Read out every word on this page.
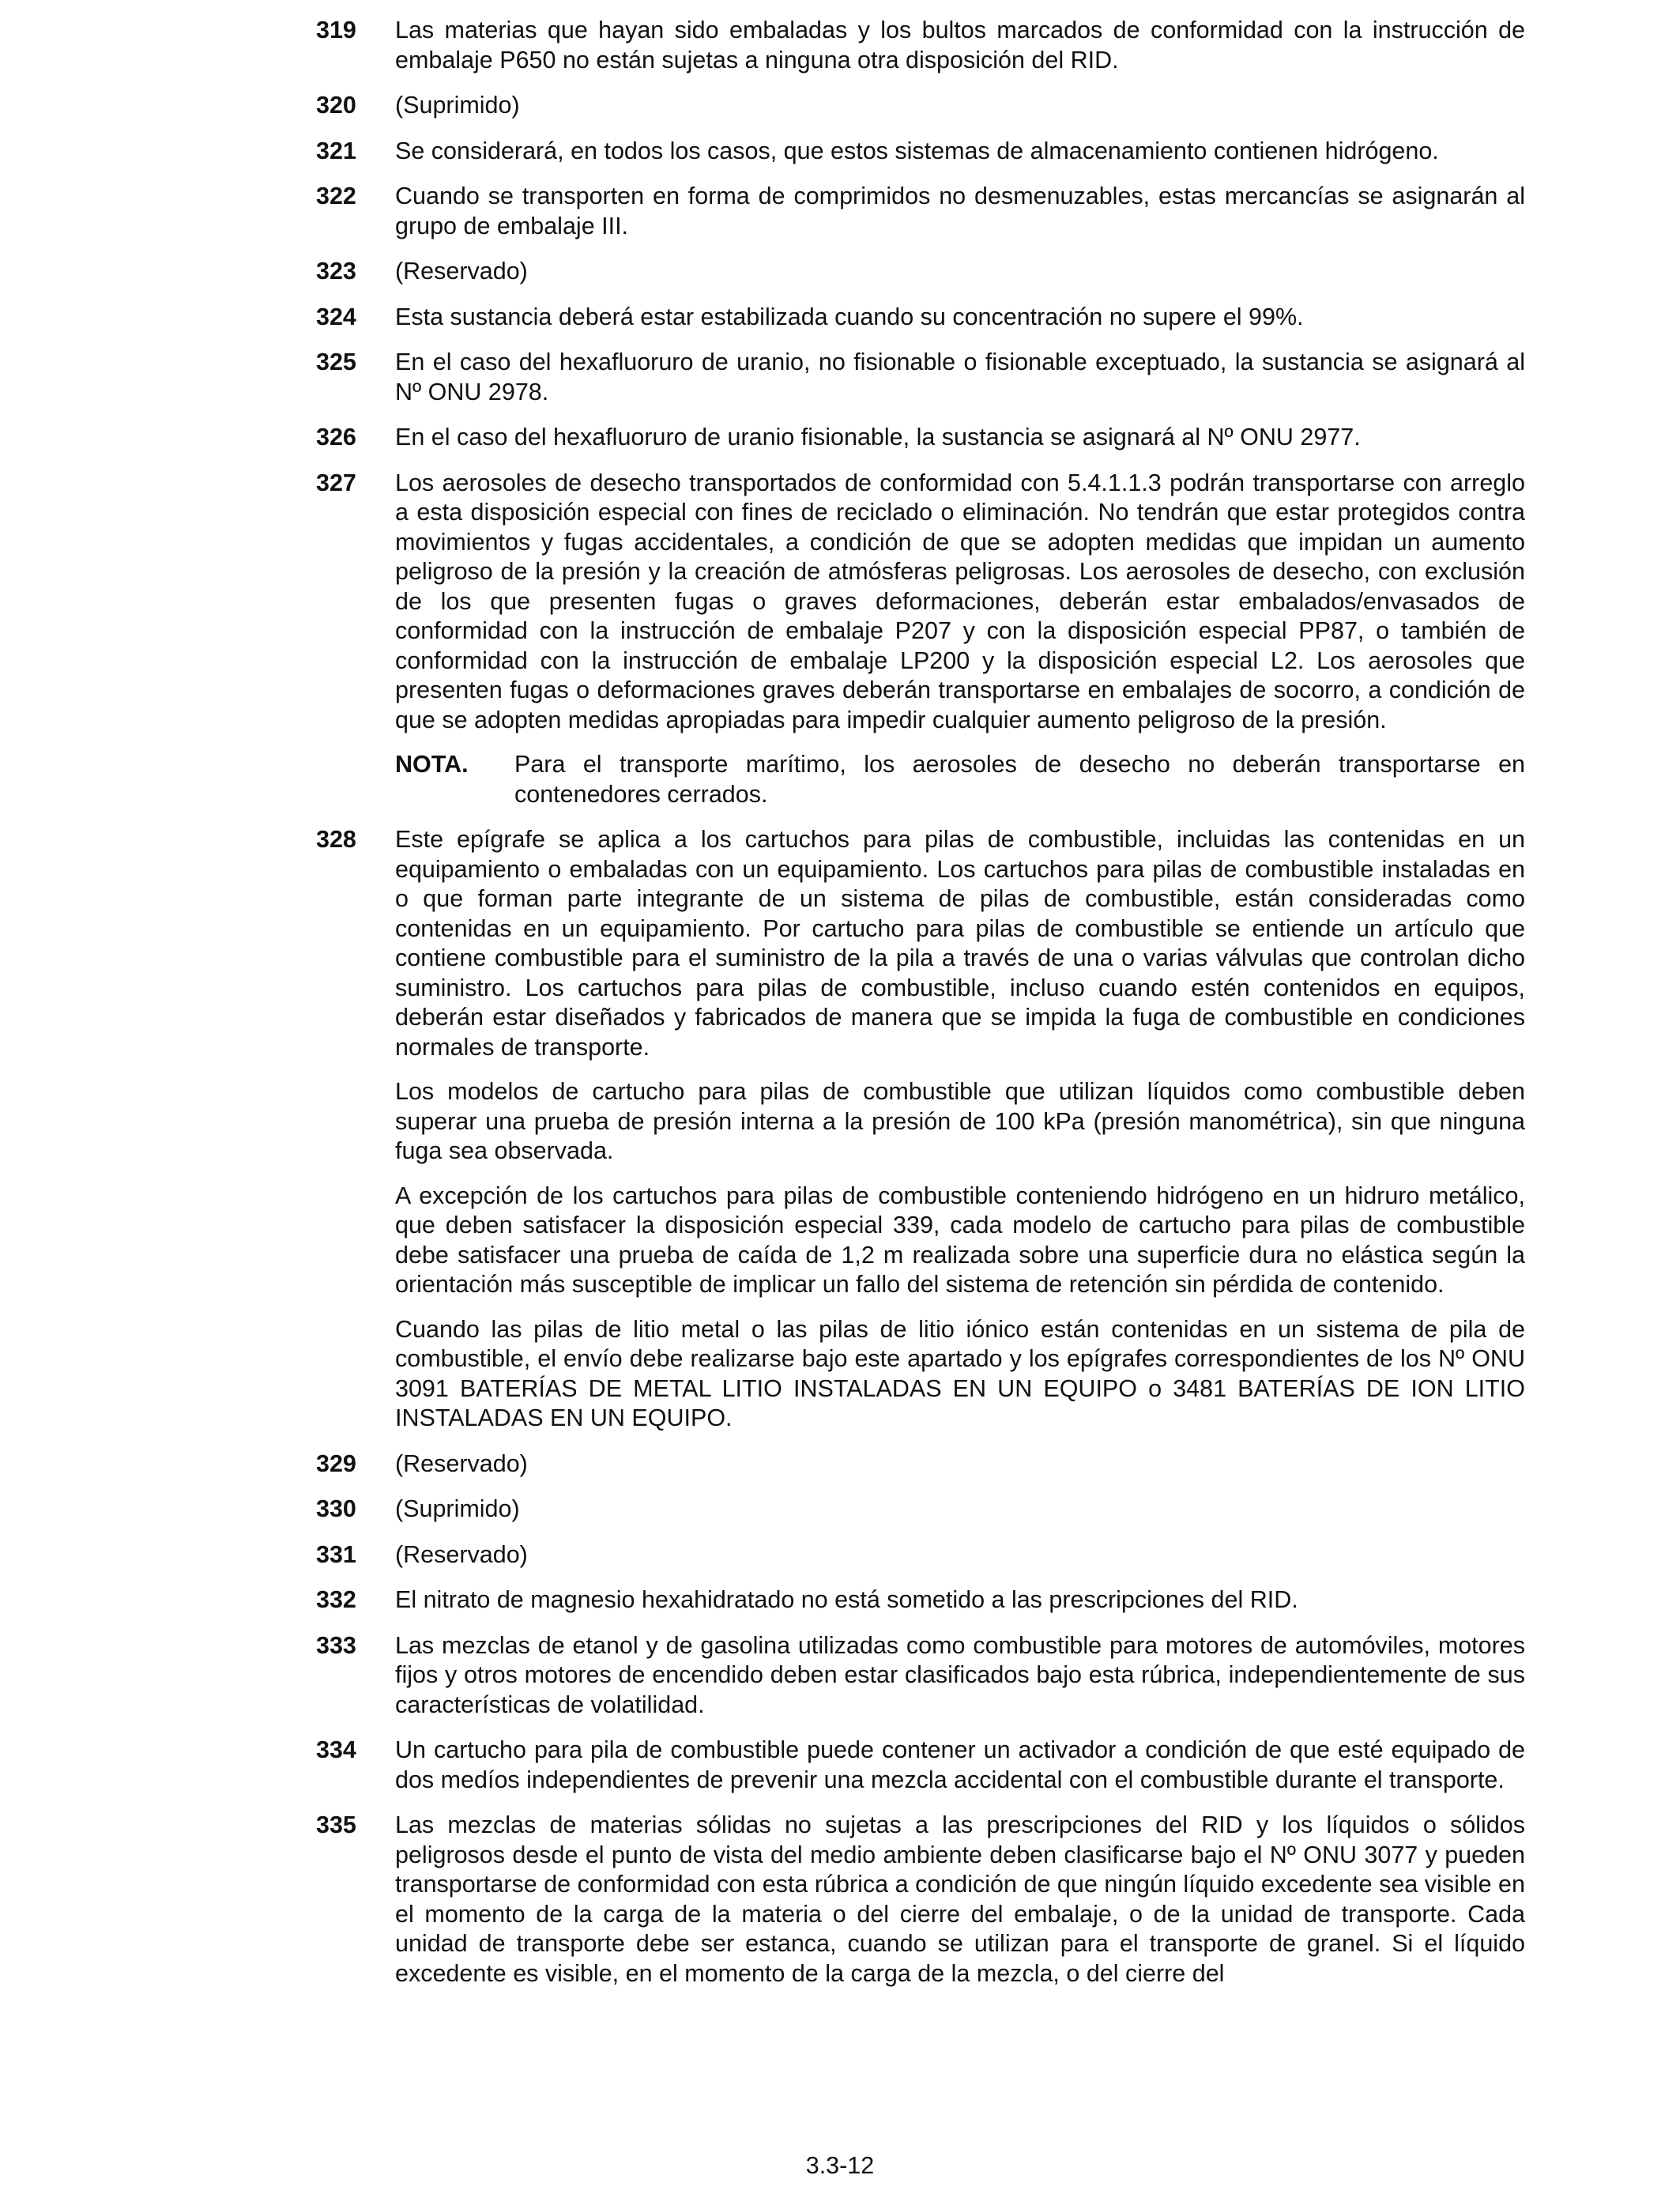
319 Las materias que hayan sido embaladas y los bultos marcados de conformidad con la instrucción de embalaje P650 no están sujetas a ninguna otra disposición del RID.
320 (Suprimido)
321 Se considerará, en todos los casos, que estos sistemas de almacenamiento contienen hidrógeno.
322 Cuando se transporten en forma de comprimidos no desmenuzables, estas mercancías se asignarán al grupo de embalaje III.
323 (Reservado)
324 Esta sustancia deberá estar estabilizada cuando su concentración no supere el 99%.
325 En el caso del hexafluoruro de uranio, no fisionable o fisionable exceptuado, la sustancia se asignará al Nº ONU 2978.
326 En el caso del hexafluoruro de uranio fisionable, la sustancia se asignará al Nº ONU 2977.
327 Los aerosoles de desecho transportados de conformidad con 5.4.1.1.3 podrán transportarse con arreglo a esta disposición especial con fines de reciclado o eliminación. No tendrán que estar protegidos contra movimientos y fugas accidentales, a condición de que se adopten medidas que impidan un aumento peligroso de la presión y la creación de atmósferas peligrosas. Los aerosoles de desecho, con exclusión de los que presenten fugas o graves deformaciones, deberán estar embalados/envasados de conformidad con la instrucción de embalaje P207 y con la disposición especial PP87, o también de conformidad con la instrucción de embalaje LP200 y la disposición especial L2. Los aerosoles que presenten fugas o deformaciones graves deberán transportarse en embalajes de socorro, a condición de que se adopten medidas apropiadas para impedir cualquier aumento peligroso de la presión.
NOTA. Para el transporte marítimo, los aerosoles de desecho no deberán transportarse en contenedores cerrados.
328 Este epígrafe se aplica a los cartuchos para pilas de combustible, incluidas las contenidas en un equipamiento o embaladas con un equipamiento. Los cartuchos para pilas de combustible instaladas en o que forman parte integrante de un sistema de pilas de combustible, están consideradas como contenidas en un equipamiento. Por cartucho para pilas de combustible se entiende un artículo que contiene combustible para el suministro de la pila a través de una o varias válvulas que controlan dicho suministro. Los cartuchos para pilas de combustible, incluso cuando estén contenidos en equipos, deberán estar diseñados y fabricados de manera que se impida la fuga de combustible en condiciones normales de transporte.
Los modelos de cartucho para pilas de combustible que utilizan líquidos como combustible deben superar una prueba de presión interna a la presión de 100 kPa (presión manométrica), sin que ninguna fuga sea observada.
A excepción de los cartuchos para pilas de combustible conteniendo hidrógeno en un hidruro metálico, que deben satisfacer la disposición especial 339, cada modelo de cartucho para pilas de combustible debe satisfacer una prueba de caída de 1,2 m realizada sobre una superficie dura no elástica según la orientación más susceptible de implicar un fallo del sistema de retención sin pérdida de contenido.
Cuando las pilas de litio metal o las pilas de litio iónico están contenidas en un sistema de pila de combustible, el envío debe realizarse bajo este apartado y los epígrafes correspondientes de los Nº ONU 3091 BATERÍAS DE METAL LITIO INSTALADAS EN UN EQUIPO o 3481 BATERÍAS DE ION LITIO INSTALADAS EN UN EQUIPO.
329 (Reservado)
330 (Suprimido)
331 (Reservado)
332 El nitrato de magnesio hexahidratado no está sometido a las prescripciones del RID.
333 Las mezclas de etanol y de gasolina utilizadas como combustible para motores de automóviles, motores fijos y otros motores de encendido deben estar clasificados bajo esta rúbrica, independientemente de sus características de volatilidad.
334 Un cartucho para pila de combustible puede contener un activador a condición de que esté equipado de dos medíos independientes de prevenir una mezcla accidental con el combustible durante el transporte.
335 Las mezclas de materias sólidas no sujetas a las prescripciones del RID y los líquidos o sólidos peligrosos desde el punto de vista del medio ambiente deben clasificarse bajo el Nº ONU 3077 y pueden transportarse de conformidad con esta rúbrica a condición de que ningún líquido excedente sea visible en el momento de la carga de la materia o del cierre del embalaje, o de la unidad de transporte. Cada unidad de transporte debe ser estanca, cuando se utilizan para el transporte de granel. Si el líquido excedente es visible, en el momento de la carga de la mezcla, o del cierre del
3.3-12
